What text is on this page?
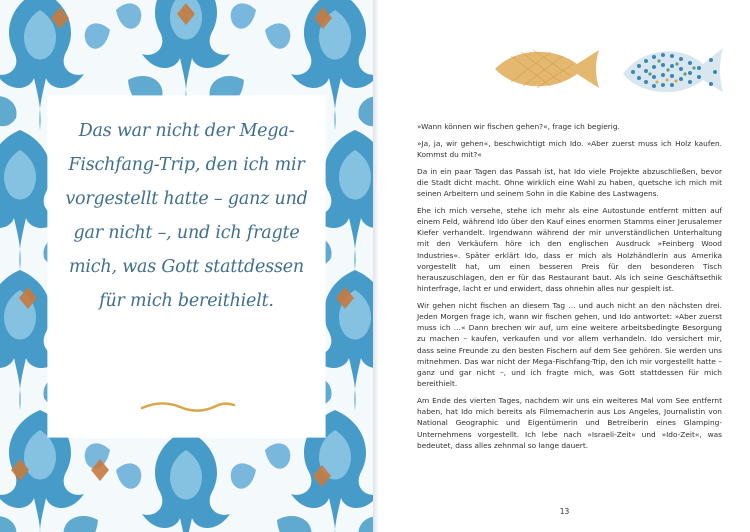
Das war nicht der Mega-Fischfang-Trip, den ich mir vorgestellt hatte – ganz und gar nicht –, und ich fragte mich, was Gott stattdessen für mich bereithielt.

»Wann können wir fischen gehen?«, frage ich begierig.

»Ja, ja, wir gehen«, beschwichtigt mich Ido. »Aber zuerst muss ich Holz kaufen. Kommst du mit?«

Da in ein paar Tagen das Passah ist, hat Ido viele Projekte abzuschließen, bevor die Stadt dicht macht. Ohne wirklich eine Wahl zu haben, quetsche ich mich mit seinen Arbeitern und seinem Sohn in die Kabine des Lastwagens.

Ehe ich mich versehe, stehe ich mehr als eine Autostunde entfernt mitten auf einem Feld, während Ido über den Kauf eines enormen Stamms einer Jerusalemer Kiefer verhandelt. Irgendwann während der mir unverständlichen Unterhaltung mit den Verkäufern höre ich den englischen Ausdruck »Feinberg Wood Industries«. Später erklärt Ido, dass er mich als Holzhändlerin aus Amerika vorgestellt hat, um einen besseren Preis für den besonderen Tisch herauszuschlagen, den er für das Restaurant baut. Als ich seine Geschäftsethik hinterfrage, lacht er und erwidert, dass ohnehin alles nur gespielt ist.

Wir gehen nicht fischen an diesem Tag … und auch nicht an den nächsten drei. Jeden Morgen frage ich, wann wir fischen gehen, und Ido antwortet: »Aber zuerst muss ich …« Dann brechen wir auf, um eine weitere arbeitsbedingte Besorgung zu machen – kaufen, verkaufen und vor allem verhandeln. Ido versichert mir, dass seine Freunde zu den besten Fischern auf dem See gehören. Sie werden uns mitnehmen. Das war nicht der Mega-Fischfang-Trip, den ich mir vorgestellt hatte – ganz und gar nicht –, und ich fragte mich, was Gott stattdessen für mich bereithielt.

Am Ende des vierten Tages, nachdem wir uns ein weiteres Mal vom See entfernt haben, hat Ido mich bereits als Filmemacherin aus Los Angeles, Journalistin von National Geographic und Eigentümerin und Betreiberin eines Glamping-Unternehmens vorgestellt. Ich lebe nach »Israeli-Zeit« und »Ido-Zeit«, was bedeutet, dass alles zehnmal so lange dauert.

13
